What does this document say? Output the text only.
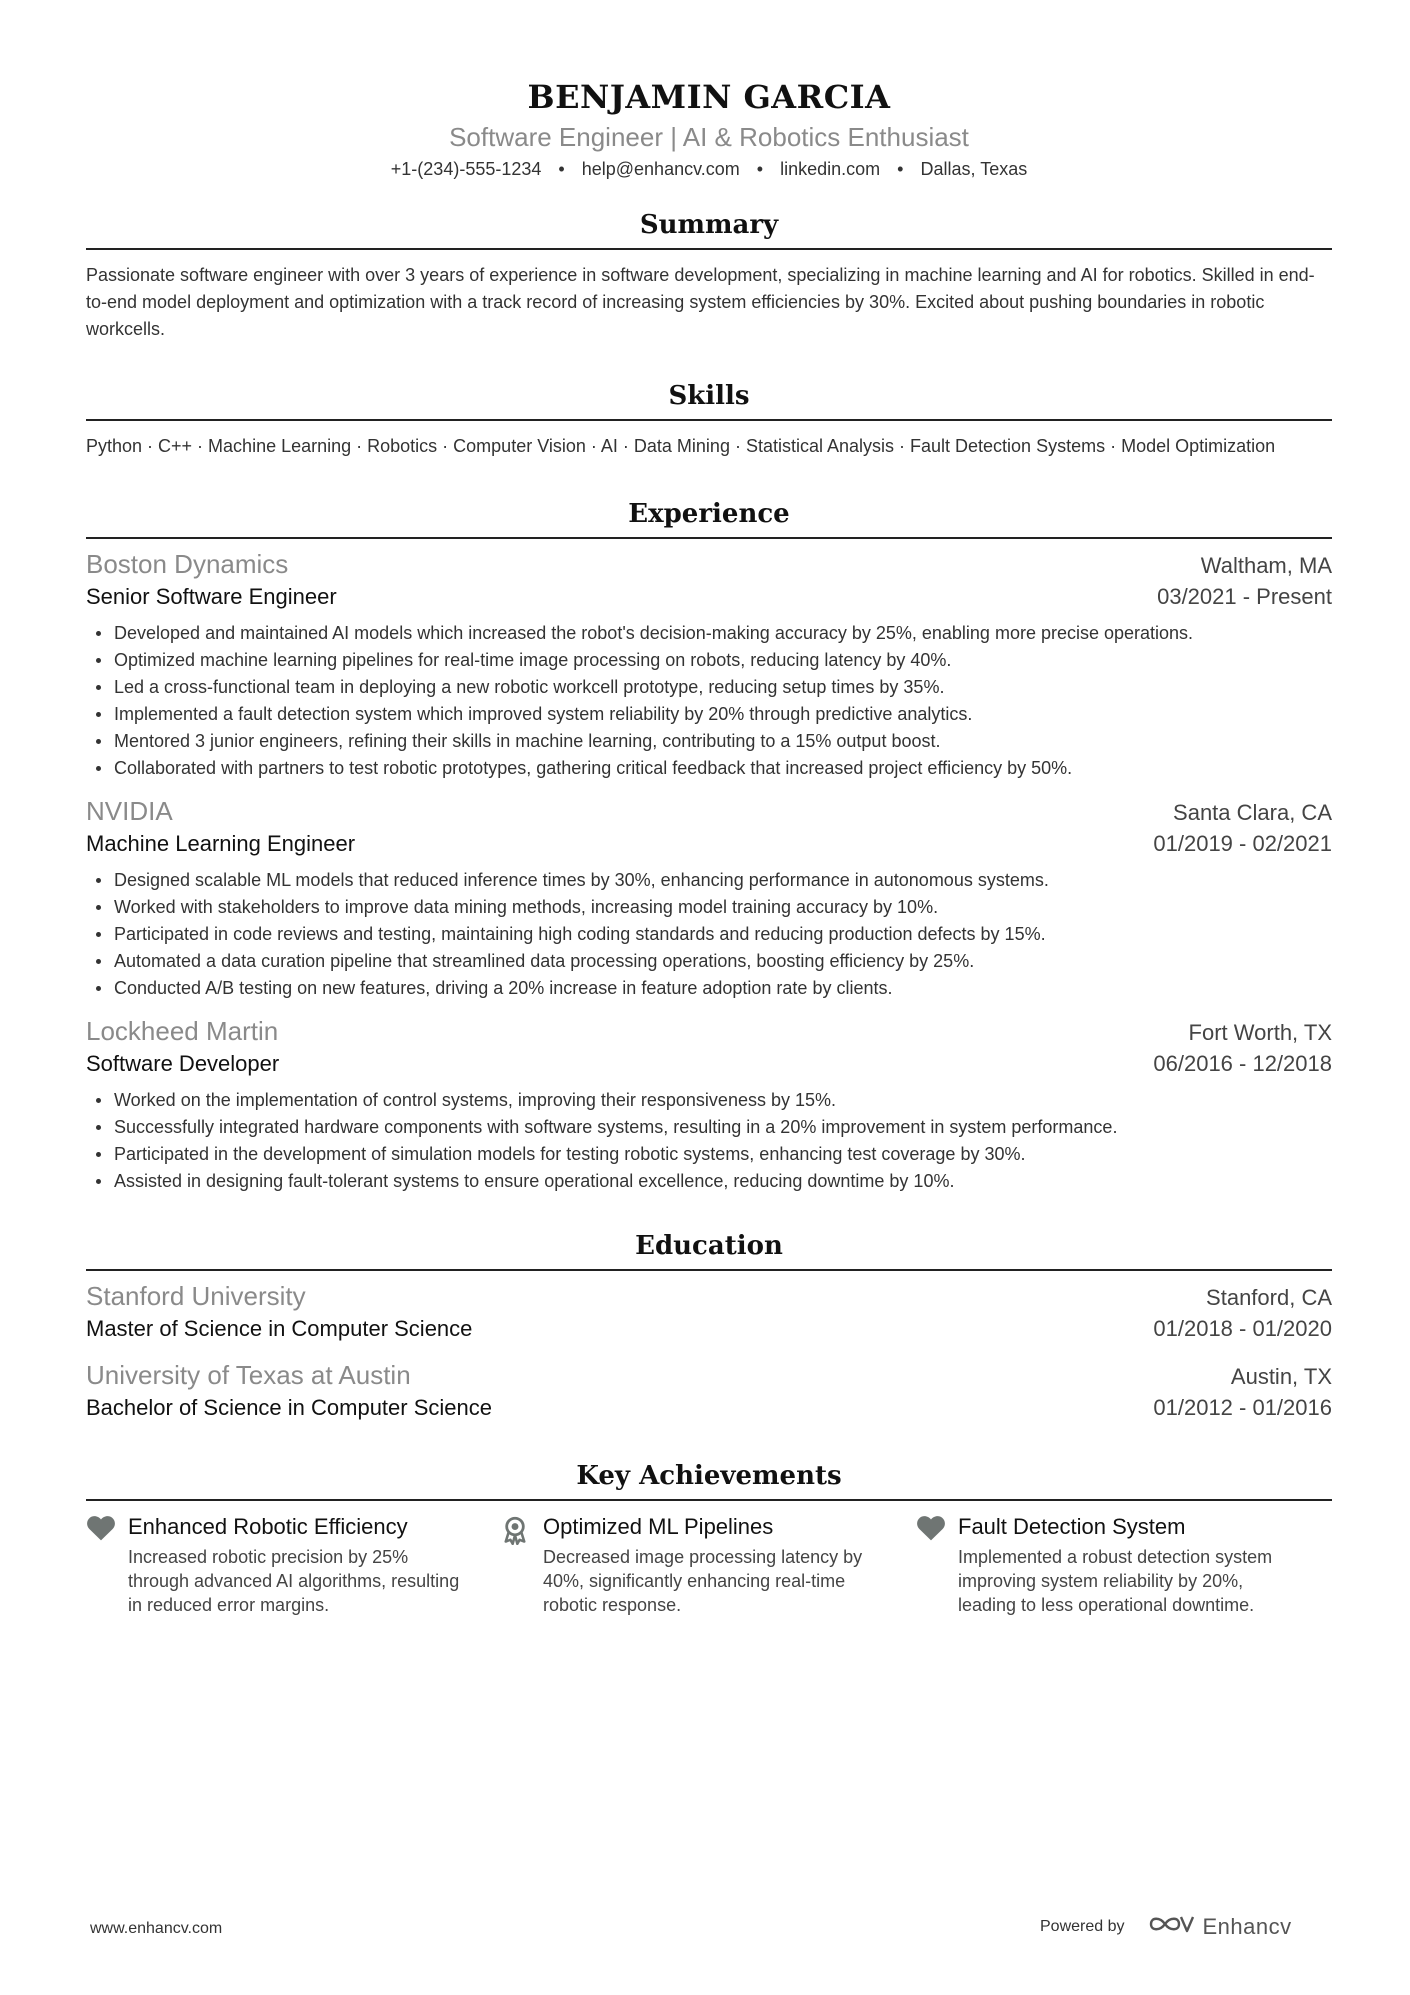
BENJAMIN GARCIA
Software Engineer | AI & Robotics Enthusiast
+1-(234)-555-1234 • help@enhancv.com • linkedin.com • Dallas, Texas
Summary
Passionate software engineer with over 3 years of experience in software development, specializing in machine learning and AI for robotics. Skilled in end-to-end model deployment and optimization with a track record of increasing system efficiencies by 30%. Excited about pushing boundaries in robotic workcells.
Skills
Python · C++ · Machine Learning · Robotics · Computer Vision · AI · Data Mining · Statistical Analysis · Fault Detection Systems · Model Optimization
Experience
Boston Dynamics	Waltham, MA
Senior Software Engineer	03/2021 - Present
Developed and maintained AI models which increased the robot's decision-making accuracy by 25%, enabling more precise operations.
Optimized machine learning pipelines for real-time image processing on robots, reducing latency by 40%.
Led a cross-functional team in deploying a new robotic workcell prototype, reducing setup times by 35%.
Implemented a fault detection system which improved system reliability by 20% through predictive analytics.
Mentored 3 junior engineers, refining their skills in machine learning, contributing to a 15% output boost.
Collaborated with partners to test robotic prototypes, gathering critical feedback that increased project efficiency by 50%.
NVIDIA	Santa Clara, CA
Machine Learning Engineer	01/2019 - 02/2021
Designed scalable ML models that reduced inference times by 30%, enhancing performance in autonomous systems.
Worked with stakeholders to improve data mining methods, increasing model training accuracy by 10%.
Participated in code reviews and testing, maintaining high coding standards and reducing production defects by 15%.
Automated a data curation pipeline that streamlined data processing operations, boosting efficiency by 25%.
Conducted A/B testing on new features, driving a 20% increase in feature adoption rate by clients.
Lockheed Martin	Fort Worth, TX
Software Developer	06/2016 - 12/2018
Worked on the implementation of control systems, improving their responsiveness by 15%.
Successfully integrated hardware components with software systems, resulting in a 20% improvement in system performance.
Participated in the development of simulation models for testing robotic systems, enhancing test coverage by 30%.
Assisted in designing fault-tolerant systems to ensure operational excellence, reducing downtime by 10%.
Education
Stanford University	Stanford, CA
Master of Science in Computer Science	01/2018 - 01/2020
University of Texas at Austin	Austin, TX
Bachelor of Science in Computer Science	01/2012 - 01/2016
Key Achievements
Enhanced Robotic Efficiency
Increased robotic precision by 25% through advanced AI algorithms, resulting in reduced error margins.
Optimized ML Pipelines
Decreased image processing latency by 40%, significantly enhancing real-time robotic response.
Fault Detection System
Implemented a robust detection system improving system reliability by 20%, leading to less operational downtime.
www.enhancv.com	Powered by	Enhancv
